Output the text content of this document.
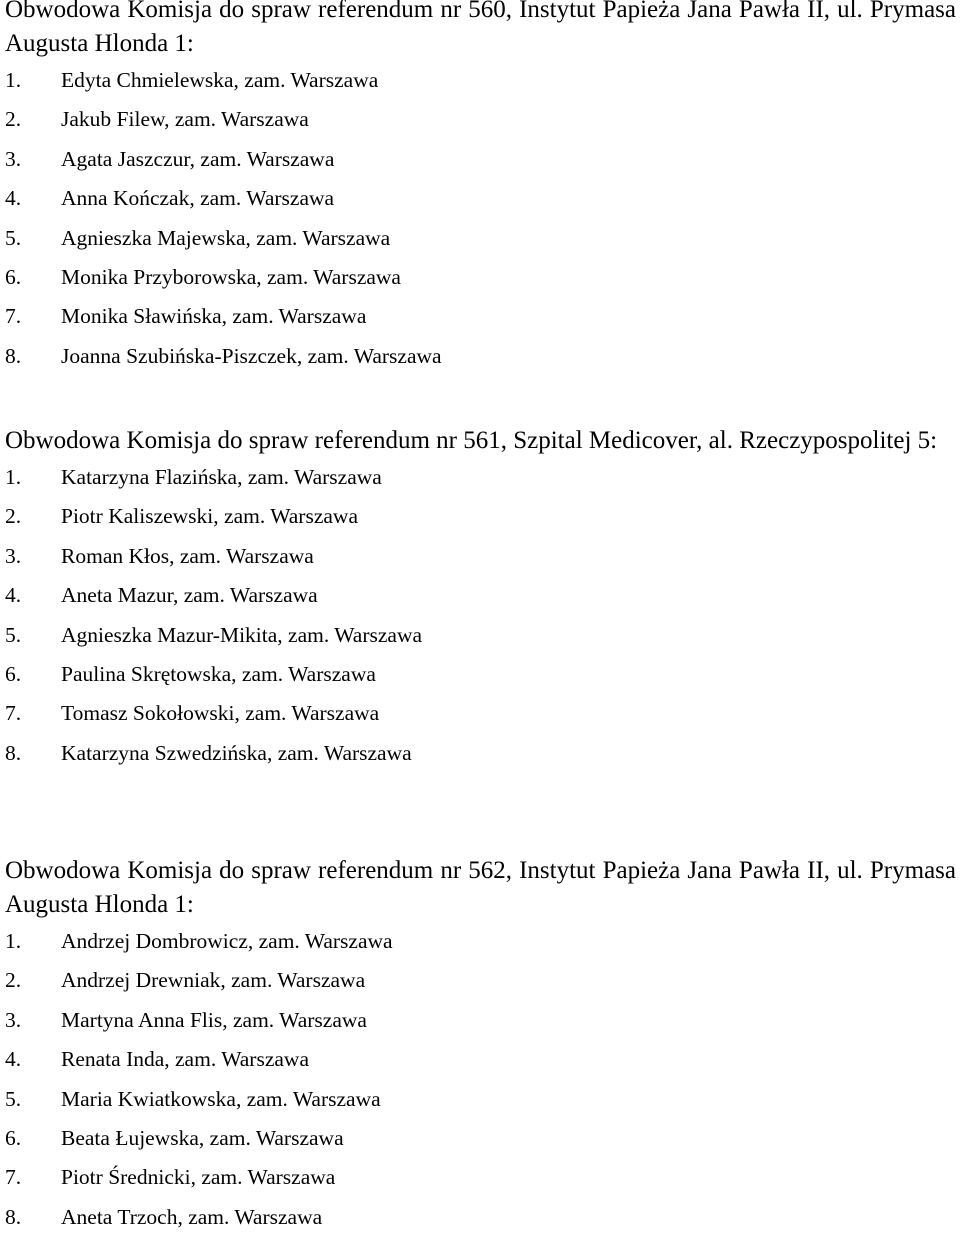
Obwodowa Komisja do spraw referendum nr 560, Instytut Papieża Jana Pawła II, ul. Prymasa Augusta Hlonda 1:

1. Edyta Chmielewska, zam. Warszawa
2. Jakub Filew, zam. Warszawa
3. Agata Jaszczur, zam. Warszawa
4. Anna Kończak, zam. Warszawa
5. Agnieszka Majewska, zam. Warszawa
6. Monika Przyborowska, zam. Warszawa
7. Monika Sławińska, zam. Warszawa
8. Joanna Szubińska-Piszczek, zam. Warszawa

Obwodowa Komisja do spraw referendum nr 561, Szpital Medicover, al. Rzeczypospolitej 5:

1. Katarzyna Flazińska, zam. Warszawa
2. Piotr Kaliszewski, zam. Warszawa
3. Roman Kłos, zam. Warszawa
4. Aneta Mazur, zam. Warszawa
5. Agnieszka Mazur-Mikita, zam. Warszawa
6. Paulina Skrętowska, zam. Warszawa
7. Tomasz Sokołowski, zam. Warszawa
8. Katarzyna Szwedzińska, zam. Warszawa

Obwodowa Komisja do spraw referendum nr 562, Instytut Papieża Jana Pawła II, ul. Prymasa Augusta Hlonda 1:

1. Andrzej Dombrowicz, zam. Warszawa
2. Andrzej Drewniak, zam. Warszawa
3. Martyna Anna Flis, zam. Warszawa
4. Renata Inda, zam. Warszawa
5. Maria Kwiatkowska, zam. Warszawa
6. Beata Łujewska, zam. Warszawa
7. Piotr Średnicki, zam. Warszawa
8. Aneta Trzoch, zam. Warszawa
